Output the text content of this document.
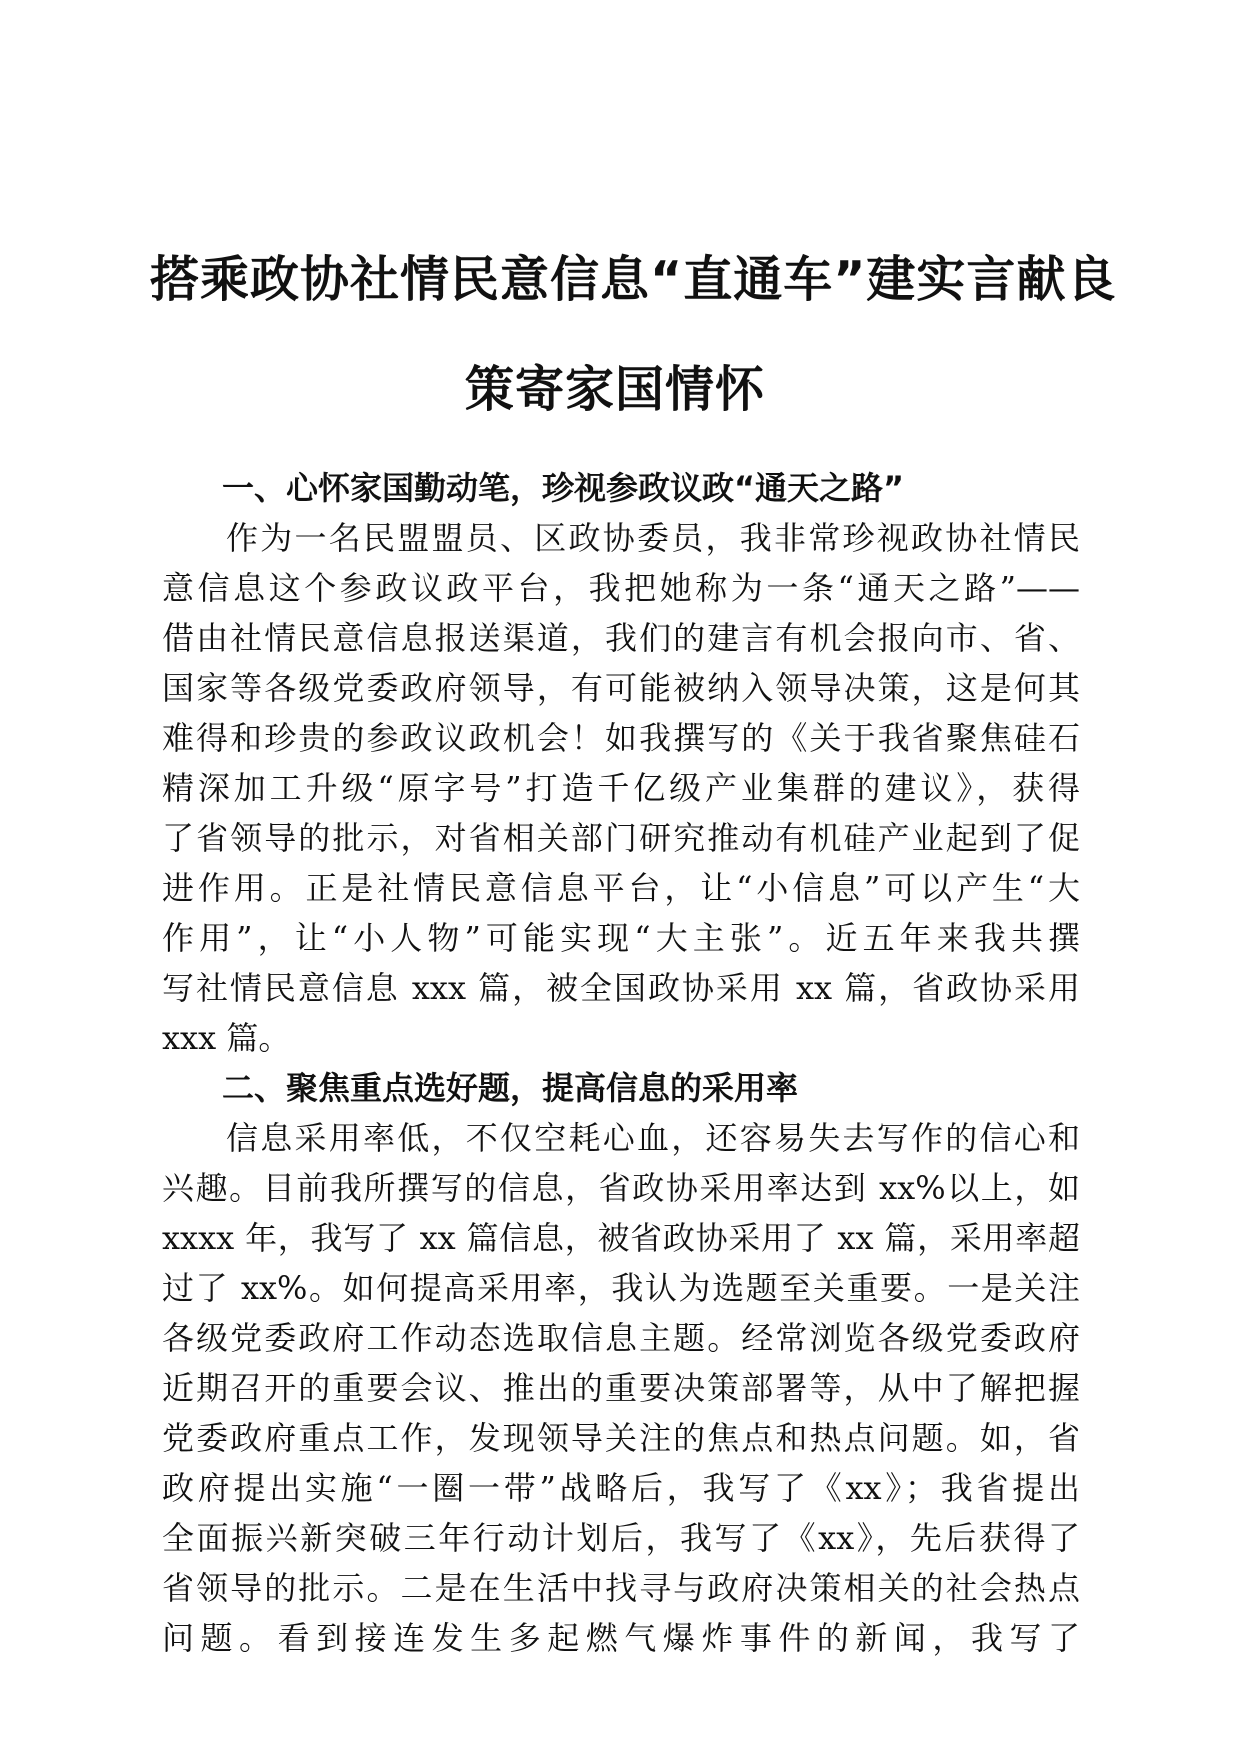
搭乘政协社情民意信息“直通车”建实言献良
策寄家国情怀
一、心怀家国勤动笔，珍视参政议政“通天之路”

作为一名民盟盟员、区政协委员，我非常珍视政协社情民
意信息这个参政议政平台，我把她称为一条“通天之路”——
借由社情民意信息报送渠道，我们的建言有机会报向市、省、
国家等各级党委政府领导，有可能被纳入领导决策，这是何其
难得和珍贵的参政议政机会！如我撰写的《关于我省聚焦硅石
精深加工升级“原字号”打造千亿级产业集群的建议》，获得
了省领导的批示，对省相关部门研究推动有机硅产业起到了促
进作用。正是社情民意信息平台，让“小信息”可以产生“大
作用”，让“小人物”可能实现“大主张”。近五年来我共撰
写社情民意信息 xxx 篇，被全国政协采用 xx 篇，省政协采用
xxx 篇。

二、聚焦重点选好题，提高信息的采用率

信息采用率低，不仅空耗心血，还容易失去写作的信心和
兴趣。目前我所撰写的信息，省政协采用率达到 xx%以上，如
xxxx 年，我写了 xx 篇信息，被省政协采用了 xx 篇，采用率超
过了 xx%。如何提高采用率，我认为选题至关重要。一是关注
各级党委政府工作动态选取信息主题。经常浏览各级党委政府
近期召开的重要会议、推出的重要决策部署等，从中了解把握
党委政府重点工作，发现领导关注的焦点和热点问题。如，省
政府提出实施“一圈一带”战略后，我写了《xx》；我省提出
全面振兴新突破三年行动计划后，我写了《xx》，先后获得了
省领导的批示。二是在生活中找寻与政府决策相关的社会热点
问题。看到接连发生多起燃气爆炸事件的新闻，我写了
